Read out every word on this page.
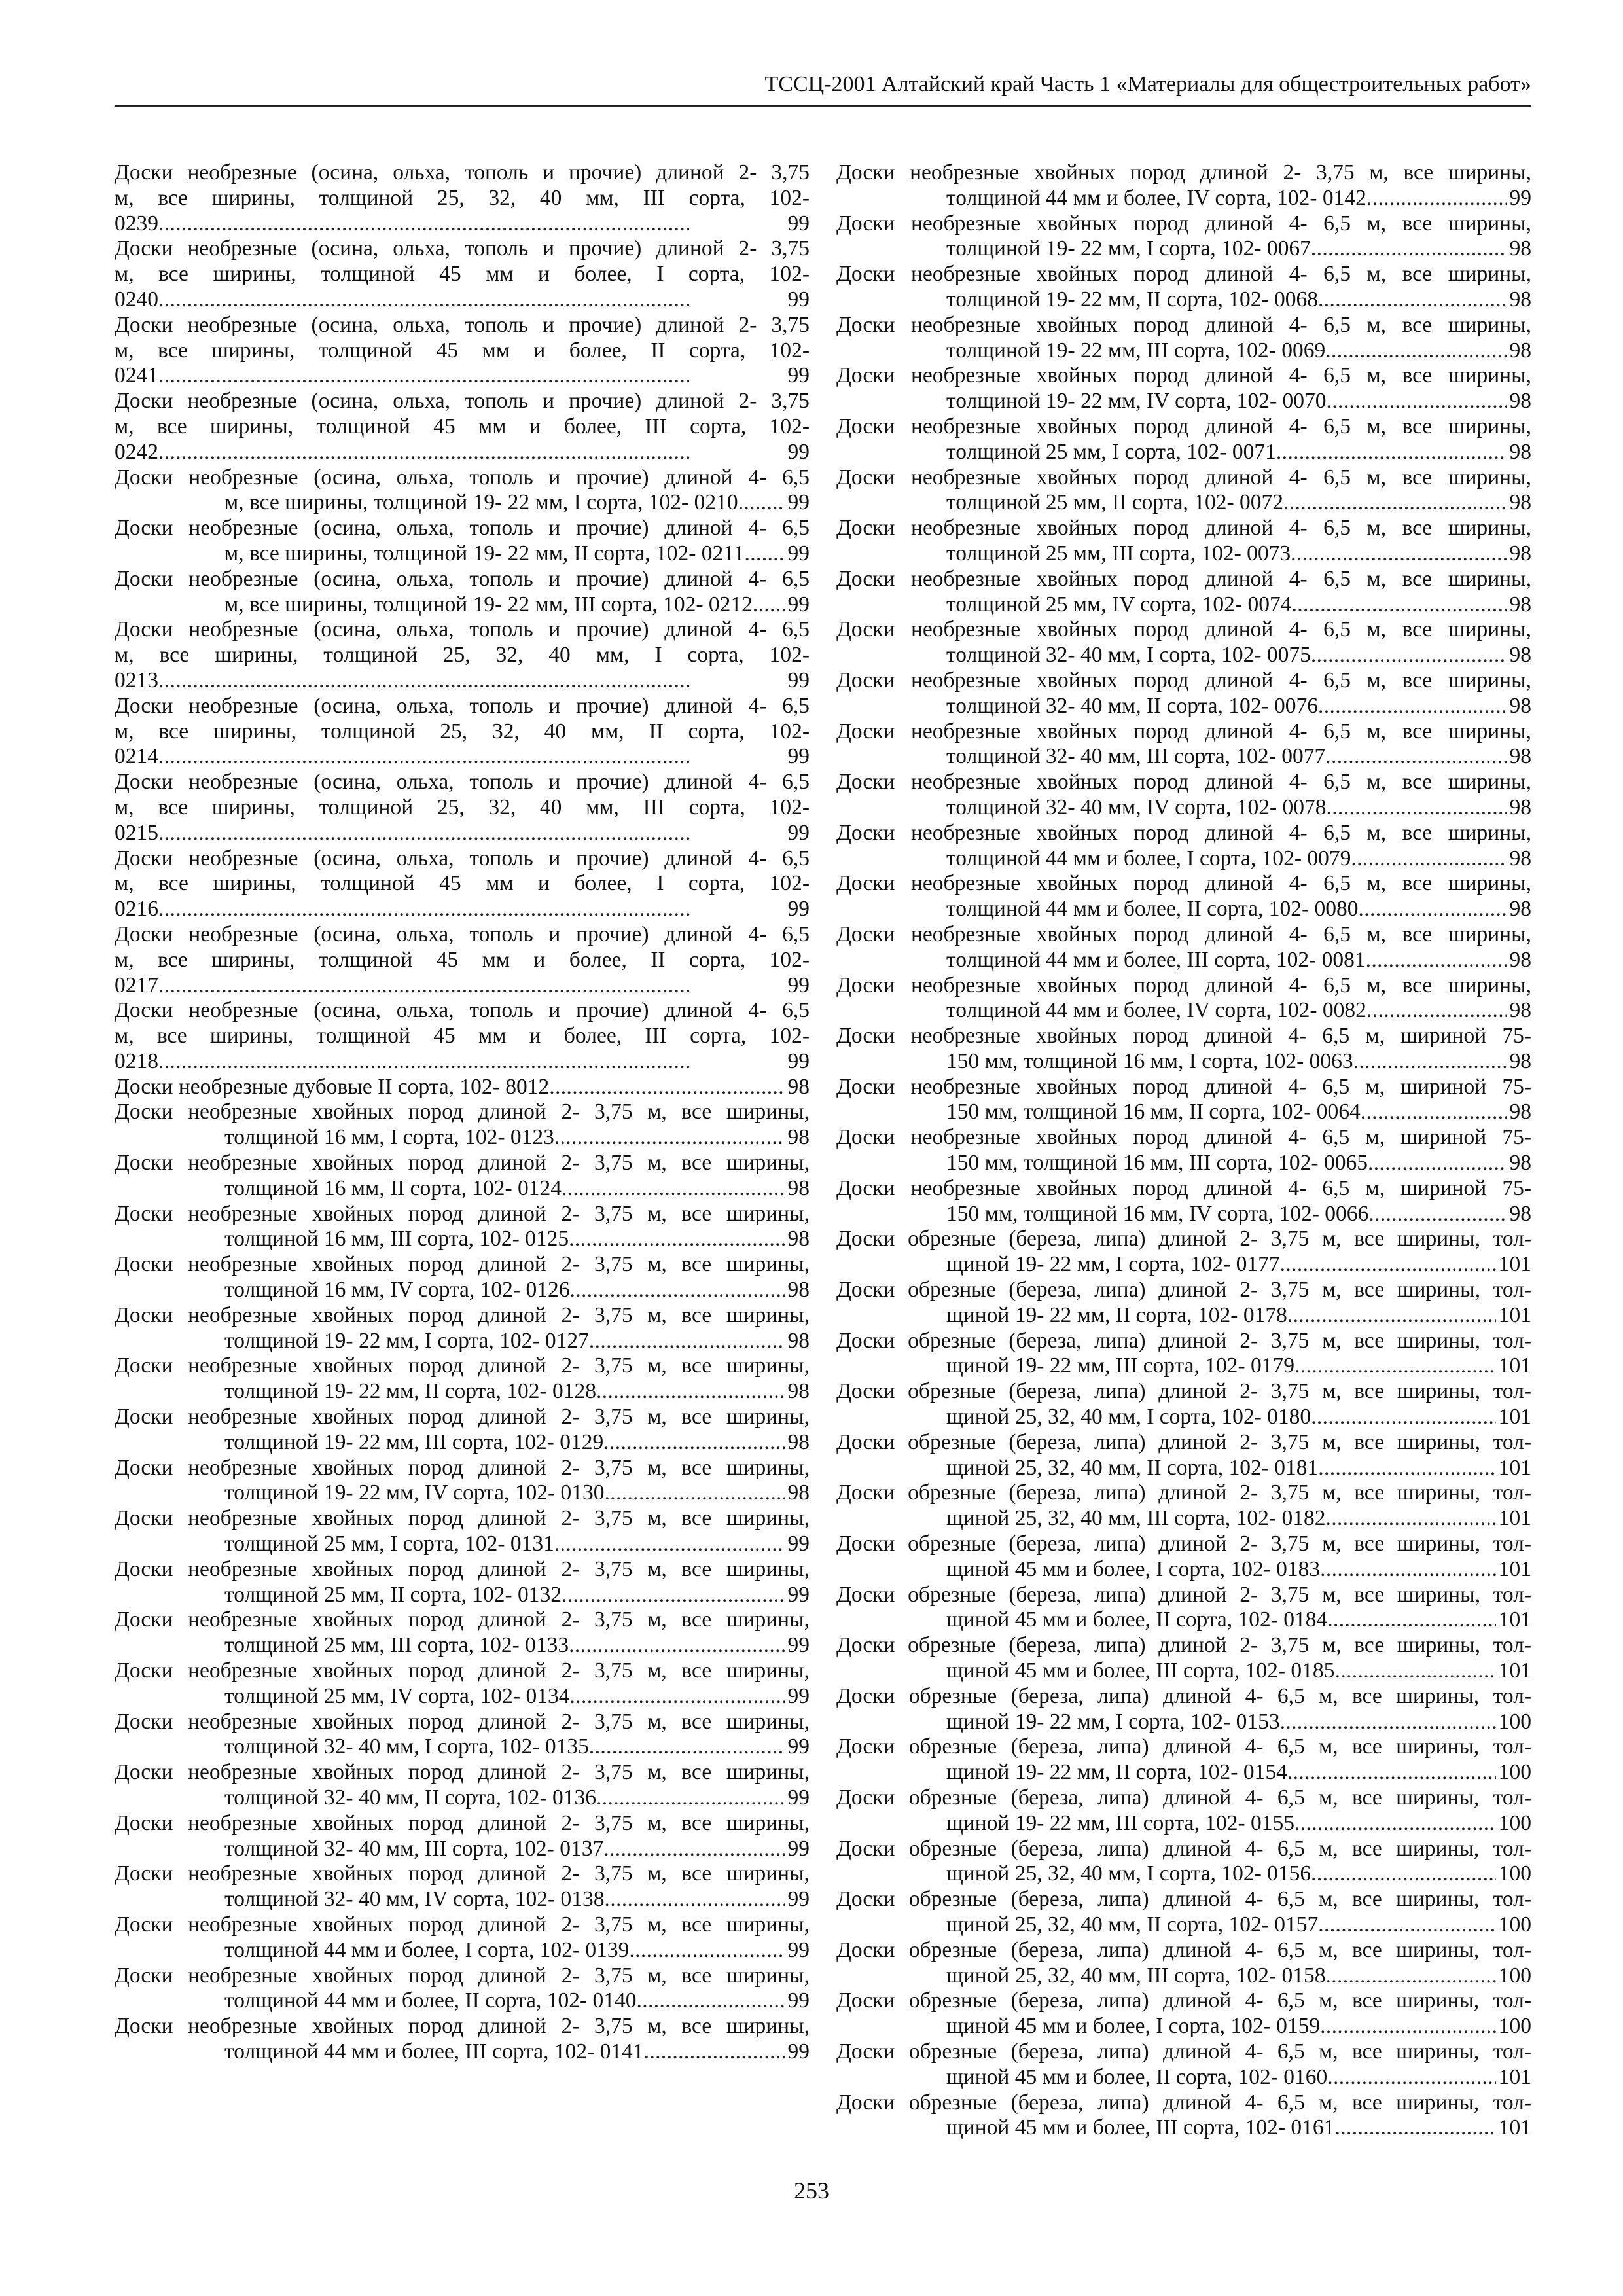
ТССЦ-2001 Алтайский край Часть 1 «Материалы для общестроительных работ»
Доски необрезные (осина, ольха, тополь и прочие) длиной 2- 3,75
м, все ширины, толщиной 25, 32, 40 мм, III сорта, 102-
0239 . . .	99
Доски необрезные (осина, ольха, тополь и прочие) длиной 2- 3,75
м, все ширины, толщиной 45 мм и более, I сорта, 102-
0240 . . .	99
Доски необрезные (осина, ольха, тополь и прочие) длиной 2- 3,75
м, все ширины, толщиной 45 мм и более, II сорта, 102-
0241 . . .	99
Доски необрезные (осина, ольха, тополь и прочие) длиной 2- 3,75
м, все ширины, толщиной 45 мм и более, III сорта, 102-
0242 . . .	99
Доски необрезные (осина, ольха, тополь и прочие) длиной 4- 6,5
м, все ширины, толщиной 19- 22 мм, I сорта, 102- 0210 . . . 99
Доски необрезные (осина, ольха, тополь и прочие) длиной 4- 6,5
м, все ширины, толщиной 19- 22 мм, II сорта, 102- 0211 . . . 99
Доски необрезные (осина, ольха, тополь и прочие) длиной 4- 6,5
м, все ширины, толщиной 19- 22 мм, III сорта, 102- 0212 . . . 99
Доски необрезные (осина, ольха, тополь и прочие) длиной 4- 6,5
м, все ширины, толщиной 25, 32, 40 мм, I сорта, 102-
0213 . . .	99
Доски необрезные (осина, ольха, тополь и прочие) длиной 4- 6,5
м, все ширины, толщиной 25, 32, 40 мм, II сорта, 102-
0214 . . .	99
Доски необрезные (осина, ольха, тополь и прочие) длиной 4- 6,5
м, все ширины, толщиной 25, 32, 40 мм, III сорта, 102-
0215 . . .	99
Доски необрезные (осина, ольха, тополь и прочие) длиной 4- 6,5
м, все ширины, толщиной 45 мм и более, I сорта, 102-
0216 . . .	99
Доски необрезные (осина, ольха, тополь и прочие) длиной 4- 6,5
м, все ширины, толщиной 45 мм и более, II сорта, 102-
0217 . . .	99
Доски необрезные (осина, ольха, тополь и прочие) длиной 4- 6,5
м, все ширины, толщиной 45 мм и более, III сорта, 102-
0218 . . .	99
Доски необрезные дубовые II сорта, 102- 8012 . . .	98
Доски необрезные хвойных пород длиной 2- 3,75 м, все ширины,
толщиной 16 мм, I сорта, 102- 0123 . . .	98
Доски необрезные хвойных пород длиной 2- 3,75 м, все ширины,
толщиной 16 мм, II сорта, 102- 0124 . . .	98
Доски необрезные хвойных пород длиной 2- 3,75 м, все ширины,
толщиной 16 мм, III сорта, 102- 0125 . . .	98
Доски необрезные хвойных пород длиной 2- 3,75 м, все ширины,
толщиной 16 мм, IV сорта, 102- 0126 . . .	98
Доски необрезные хвойных пород длиной 2- 3,75 м, все ширины,
толщиной 19- 22 мм, I сорта, 102- 0127 . . .	98
Доски необрезные хвойных пород длиной 2- 3,75 м, все ширины,
толщиной 19- 22 мм, II сорта, 102- 0128 . . .	98
Доски необрезные хвойных пород длиной 2- 3,75 м, все ширины,
толщиной 19- 22 мм, III сорта, 102- 0129 . . .	98
Доски необрезные хвойных пород длиной 2- 3,75 м, все ширины,
толщиной 19- 22 мм, IV сорта, 102- 0130 . . .	98
Доски необрезные хвойных пород длиной 2- 3,75 м, все ширины,
толщиной 25 мм, I сорта, 102- 0131 . . .	99
Доски необрезные хвойных пород длиной 2- 3,75 м, все ширины,
толщиной 25 мм, II сорта, 102- 0132 . . .	99
Доски необрезные хвойных пород длиной 2- 3,75 м, все ширины,
толщиной 25 мм, III сорта, 102- 0133 . . .	99
Доски необрезные хвойных пород длиной 2- 3,75 м, все ширины,
толщиной 25 мм, IV сорта, 102- 0134 . . .	99
Доски необрезные хвойных пород длиной 2- 3,75 м, все ширины,
толщиной 32- 40 мм, I сорта, 102- 0135 . . .	99
Доски необрезные хвойных пород длиной 2- 3,75 м, все ширины,
толщиной 32- 40 мм, II сорта, 102- 0136 . . .	99
Доски необрезные хвойных пород длиной 2- 3,75 м, все ширины,
толщиной 32- 40 мм, III сорта, 102- 0137 . . .	99
Доски необрезные хвойных пород длиной 2- 3,75 м, все ширины,
толщиной 32- 40 мм, IV сорта, 102- 0138 . . .	99
Доски необрезные хвойных пород длиной 2- 3,75 м, все ширины,
толщиной 44 мм и более, I сорта, 102- 0139 . . .	99
Доски необрезные хвойных пород длиной 2- 3,75 м, все ширины,
толщиной 44 мм и более, II сорта, 102- 0140 . . .	99
Доски необрезные хвойных пород длиной 2- 3,75 м, все ширины,
толщиной 44 мм и более, III сорта, 102- 0141 . . .	99
Доски необрезные хвойных пород длиной 2- 3,75 м, все ширины,
толщиной 44 мм и более, IV сорта, 102- 0142 . . .	99
Доски необрезные хвойных пород длиной 4- 6,5 м, все ширины,
толщиной 19- 22 мм, I сорта, 102- 0067 . . .	98
Доски необрезные хвойных пород длиной 4- 6,5 м, все ширины,
толщиной 19- 22 мм, II сорта, 102- 0068 . . .	98
Доски необрезные хвойных пород длиной 4- 6,5 м, все ширины,
толщиной 19- 22 мм, III сорта, 102- 0069 . . .	98
Доски необрезные хвойных пород длиной 4- 6,5 м, все ширины,
толщиной 19- 22 мм, IV сорта, 102- 0070 . . .	98
Доски необрезные хвойных пород длиной 4- 6,5 м, все ширины,
толщиной 25 мм, I сорта, 102- 0071 . . .	98
Доски необрезные хвойных пород длиной 4- 6,5 м, все ширины,
толщиной 25 мм, II сорта, 102- 0072 . . .	98
Доски необрезные хвойных пород длиной 4- 6,5 м, все ширины,
толщиной 25 мм, III сорта, 102- 0073 . . .	98
Доски необрезные хвойных пород длиной 4- 6,5 м, все ширины,
толщиной 25 мм, IV сорта, 102- 0074 . . .	98
Доски необрезные хвойных пород длиной 4- 6,5 м, все ширины,
толщиной 32- 40 мм, I сорта, 102- 0075 . . .	98
Доски необрезные хвойных пород длиной 4- 6,5 м, все ширины,
толщиной 32- 40 мм, II сорта, 102- 0076 . . .	98
Доски необрезные хвойных пород длиной 4- 6,5 м, все ширины,
толщиной 32- 40 мм, III сорта, 102- 0077 . . .	98
Доски необрезные хвойных пород длиной 4- 6,5 м, все ширины,
толщиной 32- 40 мм, IV сорта, 102- 0078 . . .	98
Доски необрезные хвойных пород длиной 4- 6,5 м, все ширины,
толщиной 44 мм и более, I сорта, 102- 0079 . . .	98
Доски необрезные хвойных пород длиной 4- 6,5 м, все ширины,
толщиной 44 мм и более, II сорта, 102- 0080 . . .	98
Доски необрезные хвойных пород длиной 4- 6,5 м, все ширины,
толщиной 44 мм и более, III сорта, 102- 0081 . . .	98
Доски необрезные хвойных пород длиной 4- 6,5 м, все ширины,
толщиной 44 мм и более, IV сорта, 102- 0082 . . .	98
Доски необрезные хвойных пород длиной 4- 6,5 м, шириной 75-
150 мм, толщиной 16 мм, I сорта, 102- 0063 . . .	98
Доски необрезные хвойных пород длиной 4- 6,5 м, шириной 75-
150 мм, толщиной 16 мм, II сорта, 102- 0064 . . .	98
Доски необрезные хвойных пород длиной 4- 6,5 м, шириной 75-
150 мм, толщиной 16 мм, III сорта, 102- 0065 . . .	98
Доски необрезные хвойных пород длиной 4- 6,5 м, шириной 75-
150 мм, толщиной 16 мм, IV сорта, 102- 0066 . . .	98
Доски обрезные (береза, липа) длиной 2- 3,75 м, все ширины, тол-
щиной 19- 22 мм, I сорта, 102- 0177 . . .	101
Доски обрезные (береза, липа) длиной 2- 3,75 м, все ширины, тол-
щиной 19- 22 мм, II сорта, 102- 0178 . . .	101
Доски обрезные (береза, липа) длиной 2- 3,75 м, все ширины, тол-
щиной 19- 22 мм, III сорта, 102- 0179 . . .	101
Доски обрезные (береза, липа) длиной 2- 3,75 м, все ширины, тол-
щиной 25, 32, 40 мм, I сорта, 102- 0180 . . .	101
Доски обрезные (береза, липа) длиной 2- 3,75 м, все ширины, тол-
щиной 25, 32, 40 мм, II сорта, 102- 0181 . . .	101
Доски обрезные (береза, липа) длиной 2- 3,75 м, все ширины, тол-
щиной 25, 32, 40 мм, III сорта, 102- 0182 . . .	101
Доски обрезные (береза, липа) длиной 2- 3,75 м, все ширины, тол-
щиной 45 мм и более, I сорта, 102- 0183 . . .	101
Доски обрезные (береза, липа) длиной 2- 3,75 м, все ширины, тол-
щиной 45 мм и более, II сорта, 102- 0184 . . .	101
Доски обрезные (береза, липа) длиной 2- 3,75 м, все ширины, тол-
щиной 45 мм и более, III сорта, 102- 0185 . . .	101
Доски обрезные (береза, липа) длиной 4- 6,5 м, все ширины, тол-
щиной 19- 22 мм, I сорта, 102- 0153 . . .	100
Доски обрезные (береза, липа) длиной 4- 6,5 м, все ширины, тол-
щиной 19- 22 мм, II сорта, 102- 0154 . . .	100
Доски обрезные (береза, липа) длиной 4- 6,5 м, все ширины, тол-
щиной 19- 22 мм, III сорта, 102- 0155 . . .	100
Доски обрезные (береза, липа) длиной 4- 6,5 м, все ширины, тол-
щиной 25, 32, 40 мм, I сорта, 102- 0156 . . .	100
Доски обрезные (береза, липа) длиной 4- 6,5 м, все ширины, тол-
щиной 25, 32, 40 мм, II сорта, 102- 0157 . . .	100
Доски обрезные (береза, липа) длиной 4- 6,5 м, все ширины, тол-
щиной 25, 32, 40 мм, III сорта, 102- 0158 . . .	100
Доски обрезные (береза, липа) длиной 4- 6,5 м, все ширины, тол-
щиной 45 мм и более, I сорта, 102- 0159 . . .	100
Доски обрезные (береза, липа) длиной 4- 6,5 м, все ширины, тол-
щиной 45 мм и более, II сорта, 102- 0160 . . .	101
Доски обрезные (береза, липа) длиной 4- 6,5 м, все ширины, тол-
щиной 45 мм и более, III сорта, 102- 0161 . . .	101
253
